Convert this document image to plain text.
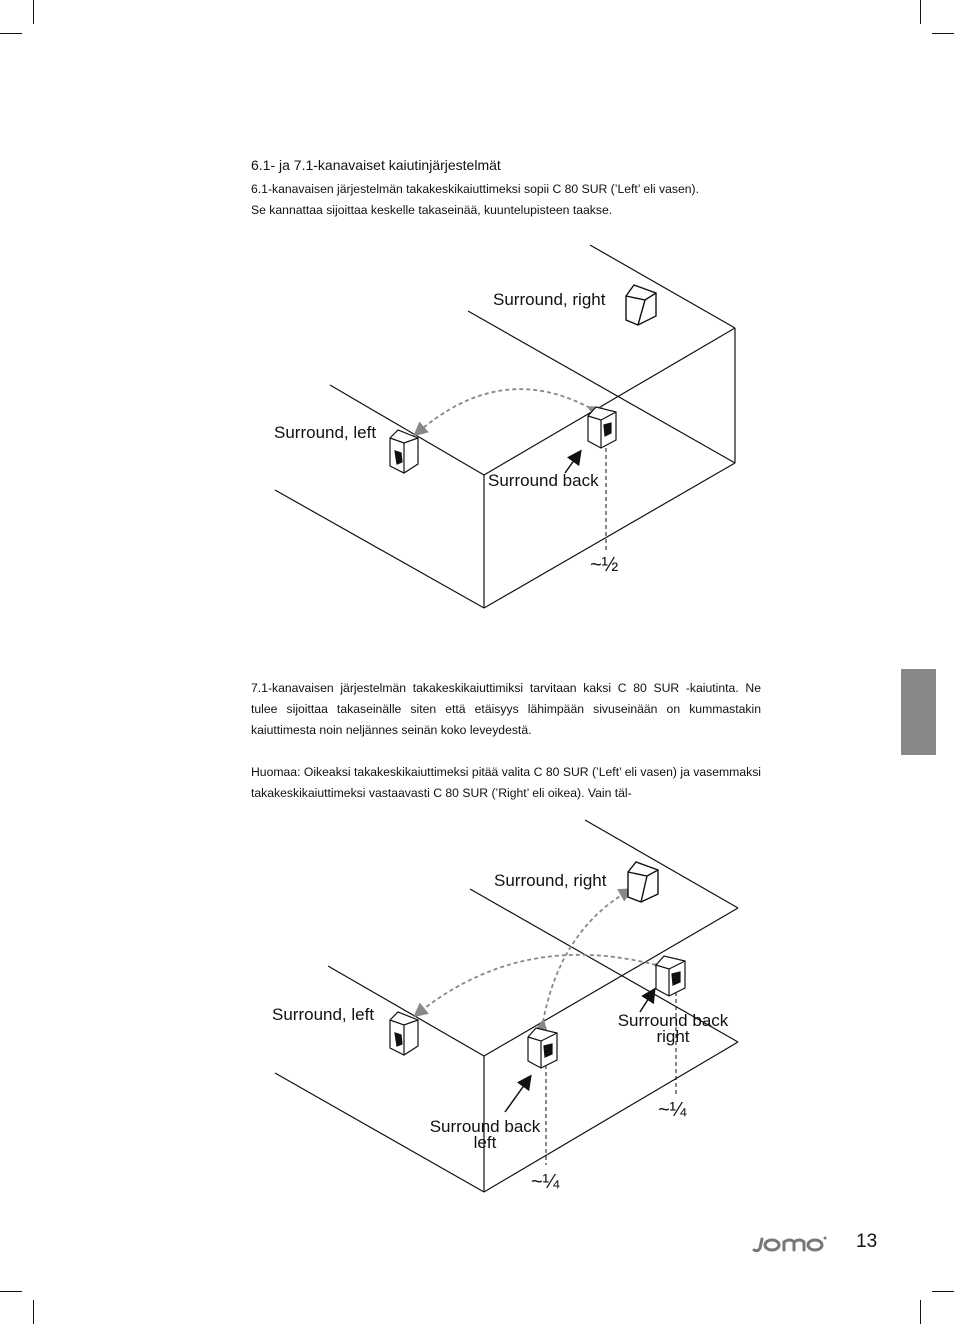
6.1- ja 7.1-kanavaiset kaiutinjärjestelmät
6.1-kanavaisen järjestelmän takakeskikaiuttimeksi sopii C 80 SUR (’Left’ eli vasen).
Se kannattaa sijoittaa keskelle takaseinää, kuuntelupisteen taakse.
Surround, right
Surround, left
Surround back
~½
7.1-kanavaisen järjestelmän takakeskikaiuttimiksi tarvitaan kaksi C 80 SUR -kaiutinta. Ne tulee sijoittaa takaseinälle siten että etäisyys lähimpään sivuseinään on kummastakin kaiuttimesta noin neljännes seinän koko leveydestä.
Huomaa: Oikeaksi takakeskikaiuttimeksi pitää valita C 80 SUR (’Left’ eli vasen) ja vasemmaksi takakeskikaiuttimeksi vastaavasti C 80 SUR (’Right’ eli oikea). Vain täl-
Surround, right
Surround, left	Surround back
right
Surround back
left
~¼
~¼
13
